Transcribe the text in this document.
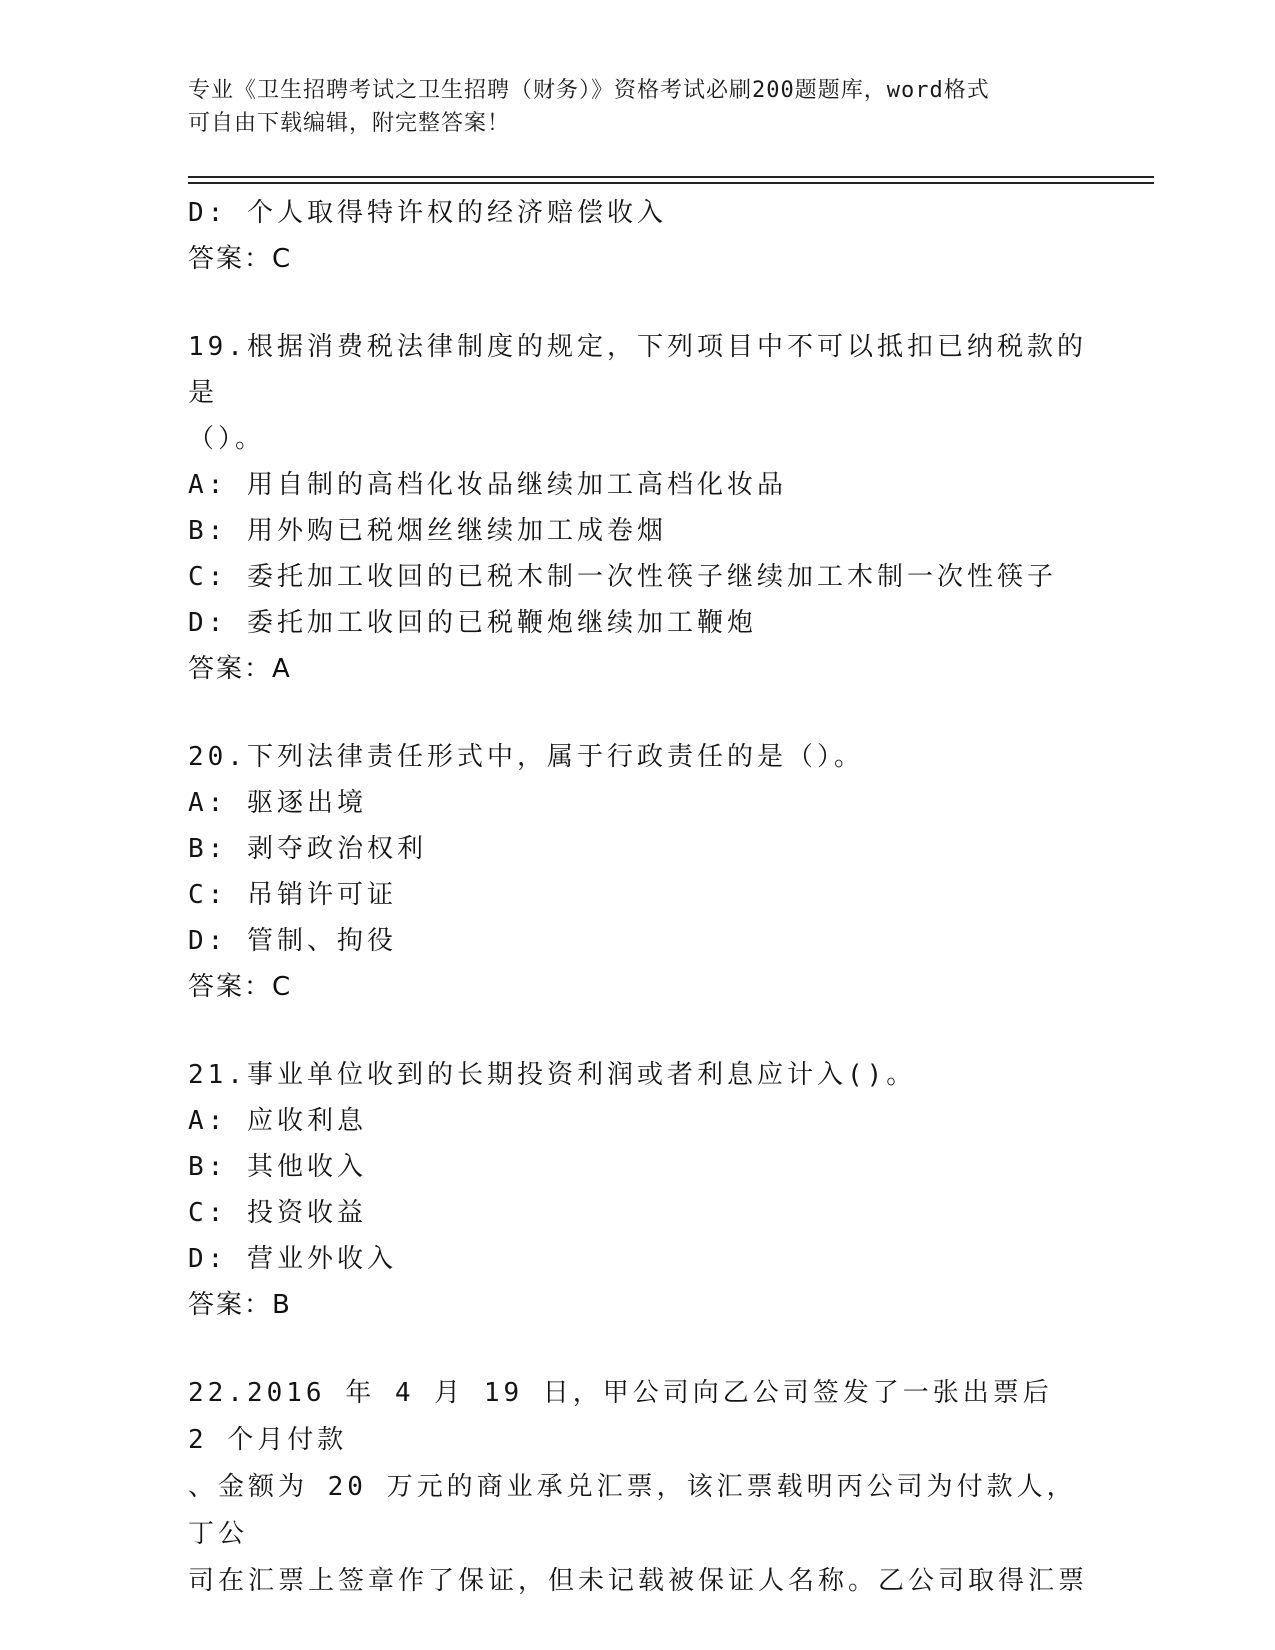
专业《卫生招聘考试之卫生招聘（财务）》资格考试必刷200题题库，word格式
可自由下载编辑，附完整答案！
D: 个人取得特许权的经济赔偿收入
答案：C
19.根据消费税法律制度的规定，下列项目中不可以抵扣已纳税款的是
（）。
A: 用自制的高档化妆品继续加工高档化妆品
B: 用外购已税烟丝继续加工成卷烟
C: 委托加工收回的已税木制一次性筷子继续加工木制一次性筷子
D: 委托加工收回的已税鞭炮继续加工鞭炮
答案：A
20.下列法律责任形式中，属于行政责任的是（）。
A: 驱逐出境
B: 剥夺政治权利
C: 吊销许可证
D: 管制、拘役
答案：C
21.事业单位收到的长期投资利润或者利息应计入()。
A: 应收利息
B: 其他收入
C: 投资收益
D: 营业外收入
答案：B
22.2016 年 4 月 19 日，甲公司向乙公司签发了一张出票后 2 个月付款
、金额为 20 万元的商业承兑汇票，该汇票载明丙公司为付款人，丁公
司在汇票上签章作了保证，但未记载被保证人名称。乙公司取得汇票
